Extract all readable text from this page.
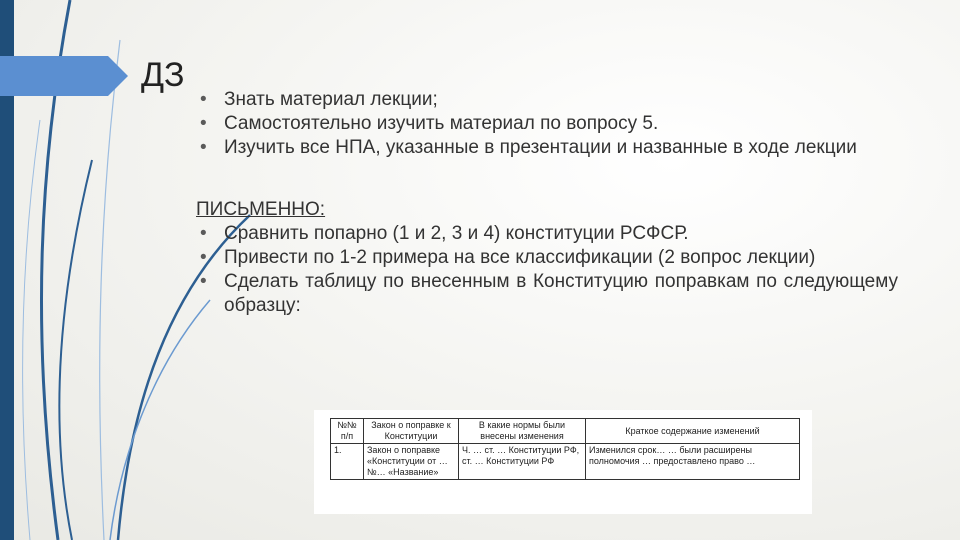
ДЗ
• Знать материал лекции;
• Самостоятельно изучить материал по вопросу 5.
• Изучить все НПА, указанные в презентации и названные в ходе лекции
ПИСЬМЕННО:
• Сравнить попарно (1 и 2, 3 и 4) конституции РСФСР.
• Привести по 1-2 примера на все классификации (2 вопрос лекции)
• Сделать таблицу по внесенным в Конституцию поправкам по следующему образцу:
№№ п/п	Закон о поправке к Конституции	В какие нормы были внесены изменения	Краткое содержание изменений
1.	Закон о поправке «Конституции от … №… «Название»	Ч. … ст. … Конституции РФ, ст. … Конституции РФ	Изменился срок… … были расширены полномочия … предоставлено право …
